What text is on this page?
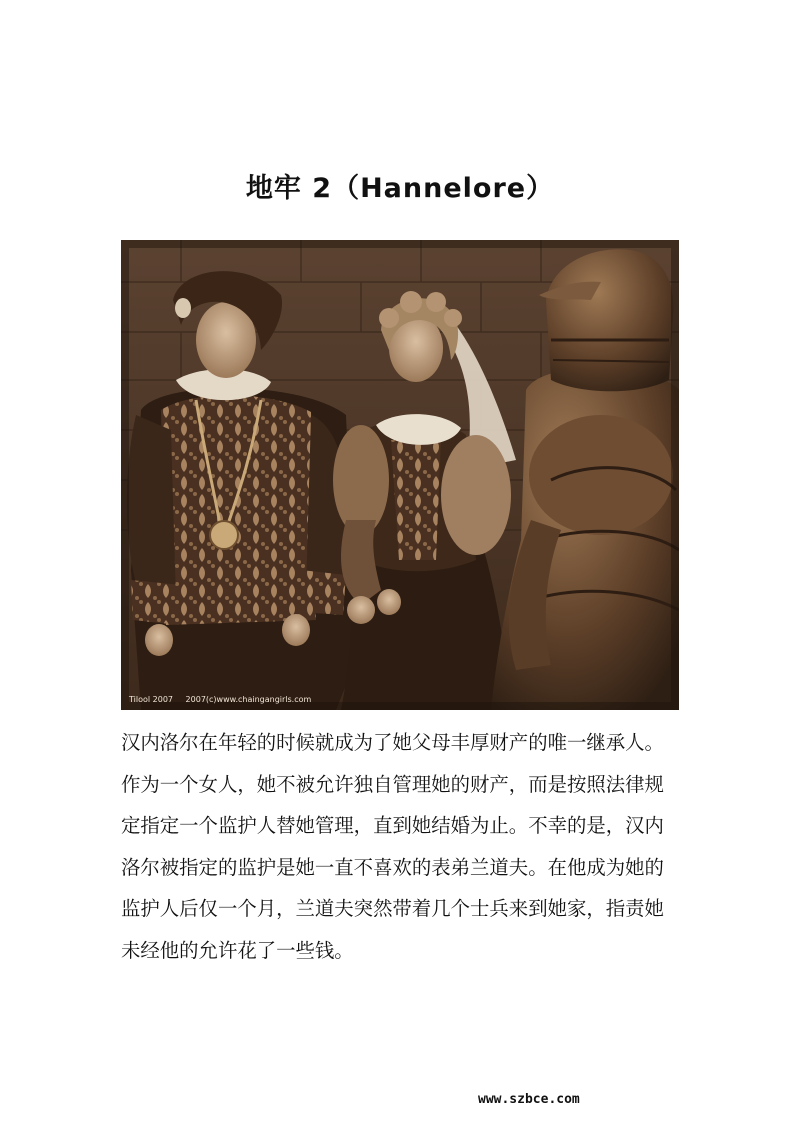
地牢 2（Hannelore）
Tilool 2007 2007(c)www.chaingangirls.com
汉内洛尔在年轻的时候就成为了她父母丰厚财产的唯一继承人。
作为一个女人，她不被允许独自管理她的财产，而是按照法律规
定指定一个监护人替她管理，直到她结婚为止。不幸的是，汉内
洛尔被指定的监护是她一直不喜欢的表弟兰道夫。在他成为她的
监护人后仅一个月，兰道夫突然带着几个士兵来到她家，指责她
未经他的允许花了一些钱。
www.szbce.com
